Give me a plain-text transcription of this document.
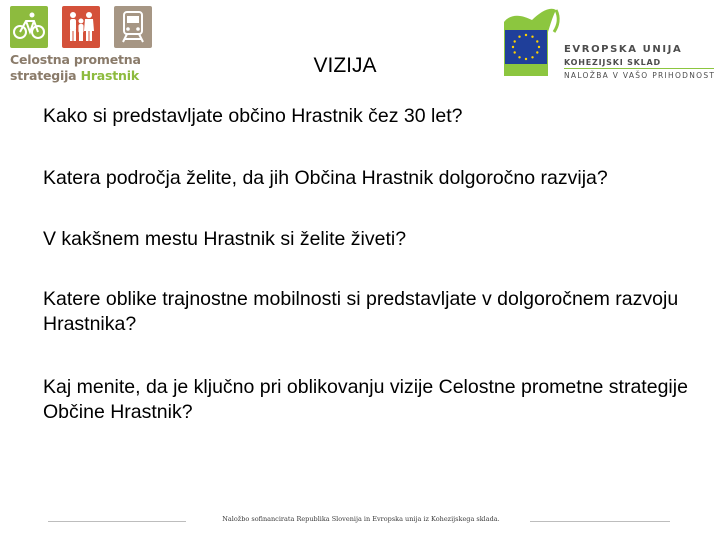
Celostna prometna
strategija Hrastnik	VIZIJA
EVROPSKA UNIJA
KOHEZIJSKI SKLAD
NALOŽBA V VAŠO PRIHODNOST
Kako si predstavljate občino Hrastnik čez 30 let?
Katera področja želite, da jih Občina Hrastnik dolgoročno razvija?
V kakšnem mestu Hrastnik si želite živeti?
Katere oblike trajnostne mobilnosti si predstavljate v dolgoročnem razvoju Hrastnika?
Kaj menite, da je ključno pri oblikovanju vizije Celostne prometne strategije Občine Hrastnik?
Naložbo sofinancirata Republika Slovenija in Evropska unija iz Kohezijskega sklada.
